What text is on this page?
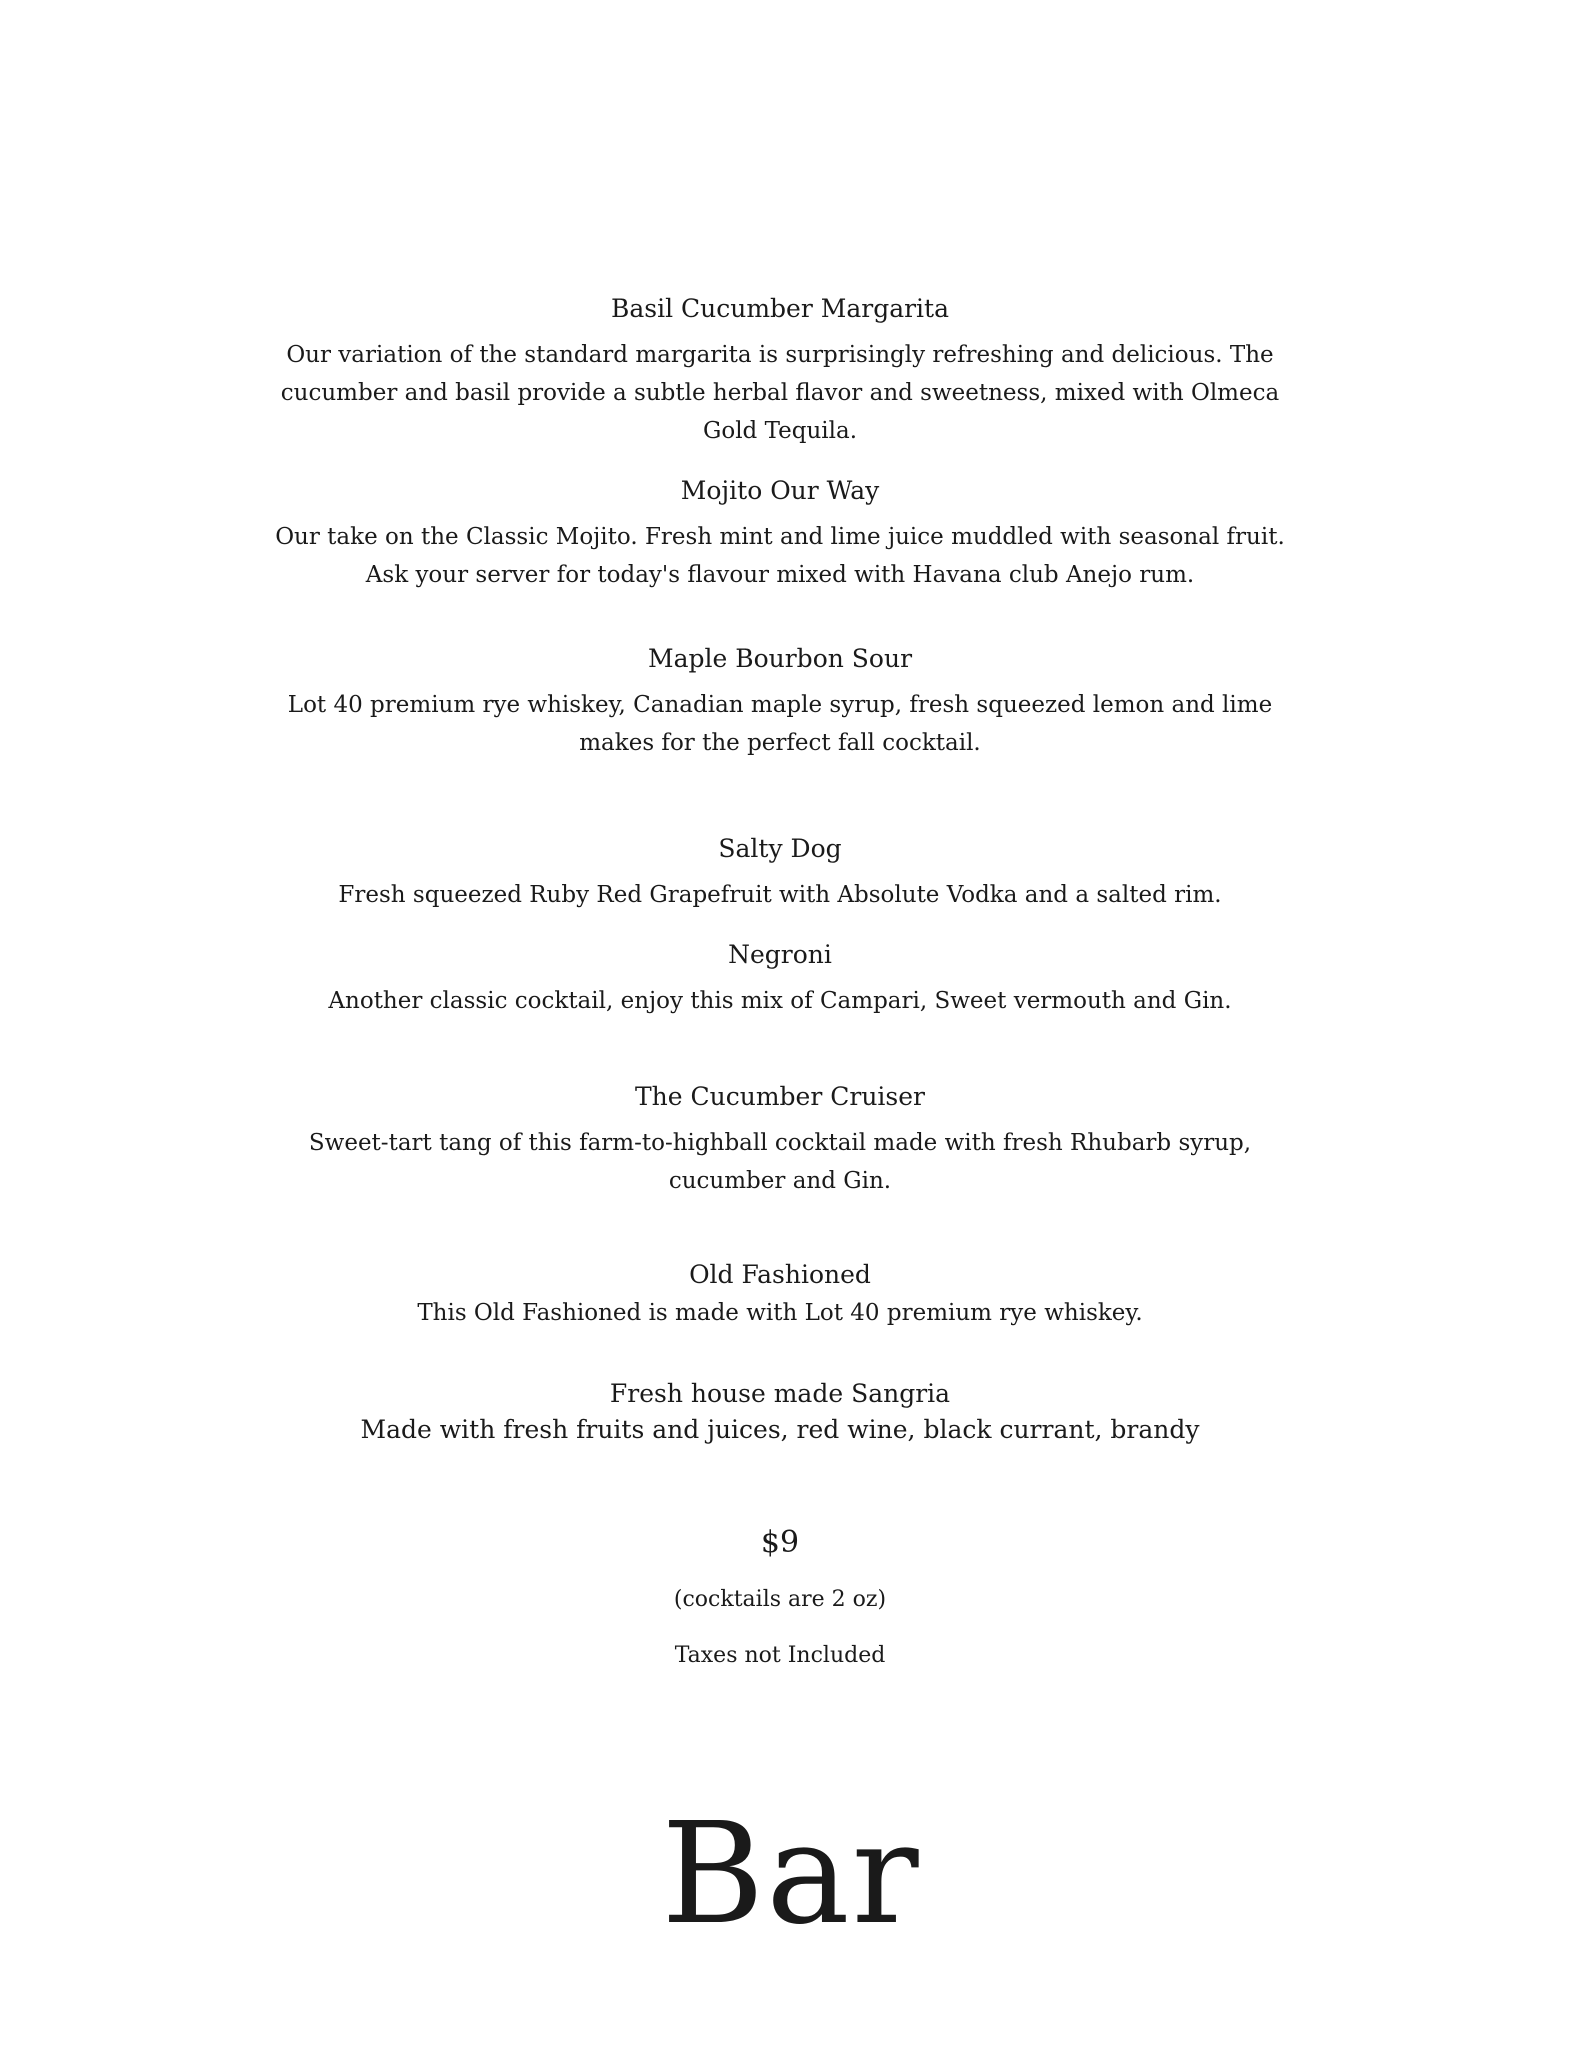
Basil Cucumber Margarita
Our variation of the standard margarita is surprisingly refreshing and delicious. The cucumber and basil provide a subtle herbal flavor and sweetness, mixed with Olmeca Gold Tequila.
Mojito Our Way
Our take on the Classic Mojito. Fresh mint and lime juice muddled with seasonal fruit. Ask your server for today's flavour mixed with Havana club Anejo rum.
Maple Bourbon Sour
Lot 40 premium rye whiskey, Canadian maple syrup, fresh squeezed lemon and lime makes for the perfect fall cocktail.
Salty Dog
Fresh squeezed Ruby Red Grapefruit with Absolute Vodka and a salted rim.
Negroni
Another classic cocktail, enjoy this mix of Campari, Sweet vermouth and Gin.
The Cucumber Cruiser
Sweet-tart tang of this farm-to-highball cocktail made with fresh Rhubarb syrup, cucumber and Gin.
Old Fashioned
This Old Fashioned is made with Lot 40 premium rye whiskey.
Fresh house made Sangria
Made with fresh fruits and juices, red wine, black currant, brandy
$9
(cocktails are 2 oz)
Taxes not Included
Bar
